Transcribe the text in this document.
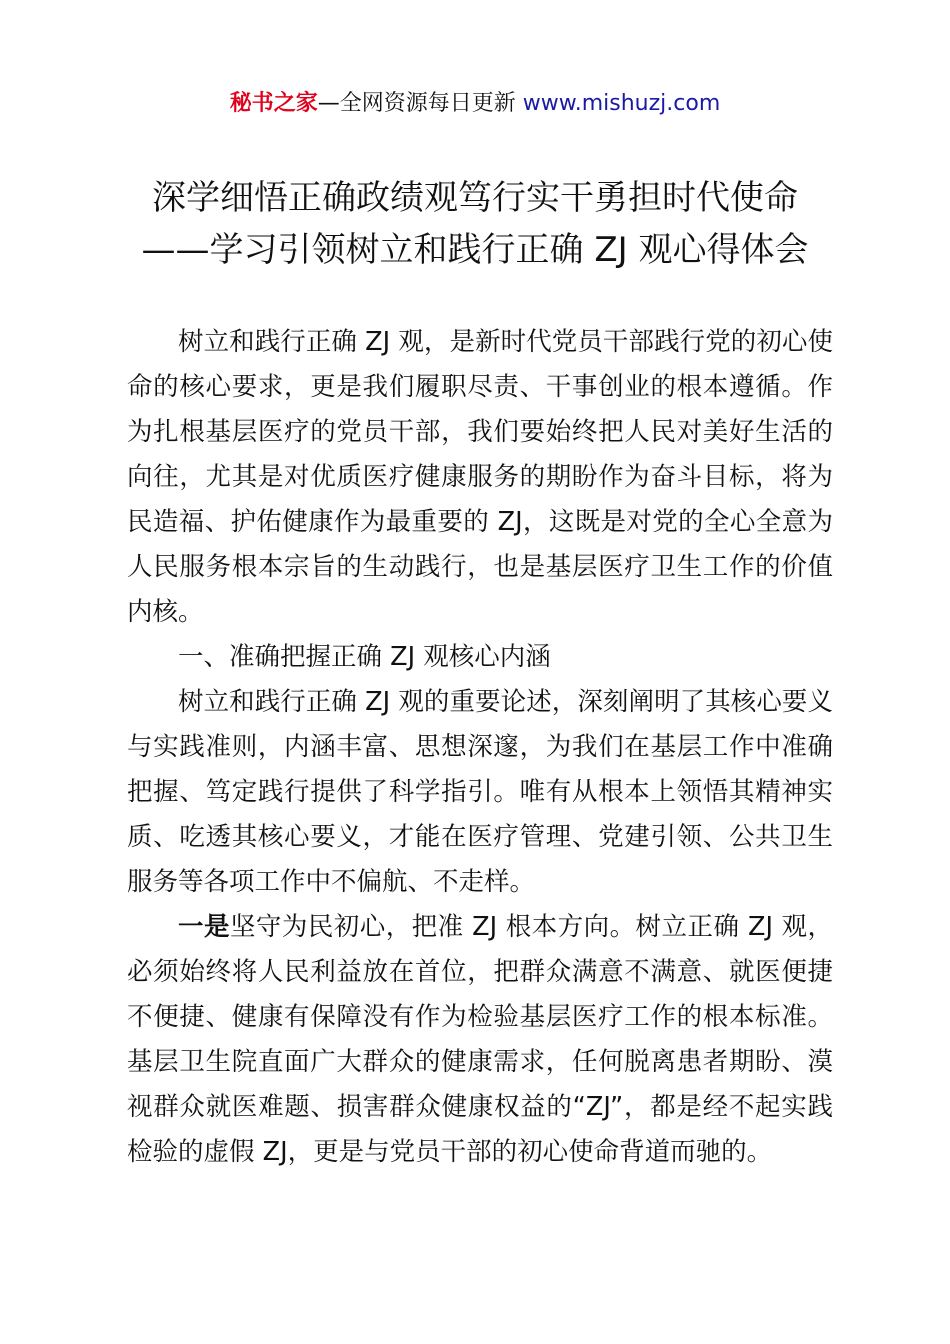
秘书之家—全网资源每日更新 www.mishuzj.com
深学细悟正确政绩观笃行实干勇担时代使命
——学习引领树立和践行正确 ZJ 观心得体会

树立和践行正确 ZJ 观，是新时代党员干部践行党的初心使命的核心要求，更是我们履职尽责、干事创业的根本遵循。作为扎根基层医疗的党员干部，我们要始终把人民对美好生活的向往，尤其是对优质医疗健康服务的期盼作为奋斗目标，将为民造福、护佑健康作为最重要的 ZJ，这既是对党的全心全意为人民服务根本宗旨的生动践行，也是基层医疗卫生工作的价值内核。

一、准确把握正确 ZJ 观核心内涵

树立和践行正确 ZJ 观的重要论述，深刻阐明了其核心要义与实践准则，内涵丰富、思想深邃，为我们在基层工作中准确把握、笃定践行提供了科学指引。唯有从根本上领悟其精神实质、吃透其核心要义，才能在医疗管理、党建引领、公共卫生服务等各项工作中不偏航、不走样。

一是坚守为民初心，把准 ZJ 根本方向。树立正确 ZJ 观，必须始终将人民利益放在首位，把群众满意不满意、就医便捷不便捷、健康有保障没有作为检验基层医疗工作的根本标准。基层卫生院直面广大群众的健康需求，任何脱离患者期盼、漠视群众就医难题、损害群众健康权益的“ZJ”，都是经不起实践检验的虚假 ZJ，更是与党员干部的初心使命背道而驰的。
